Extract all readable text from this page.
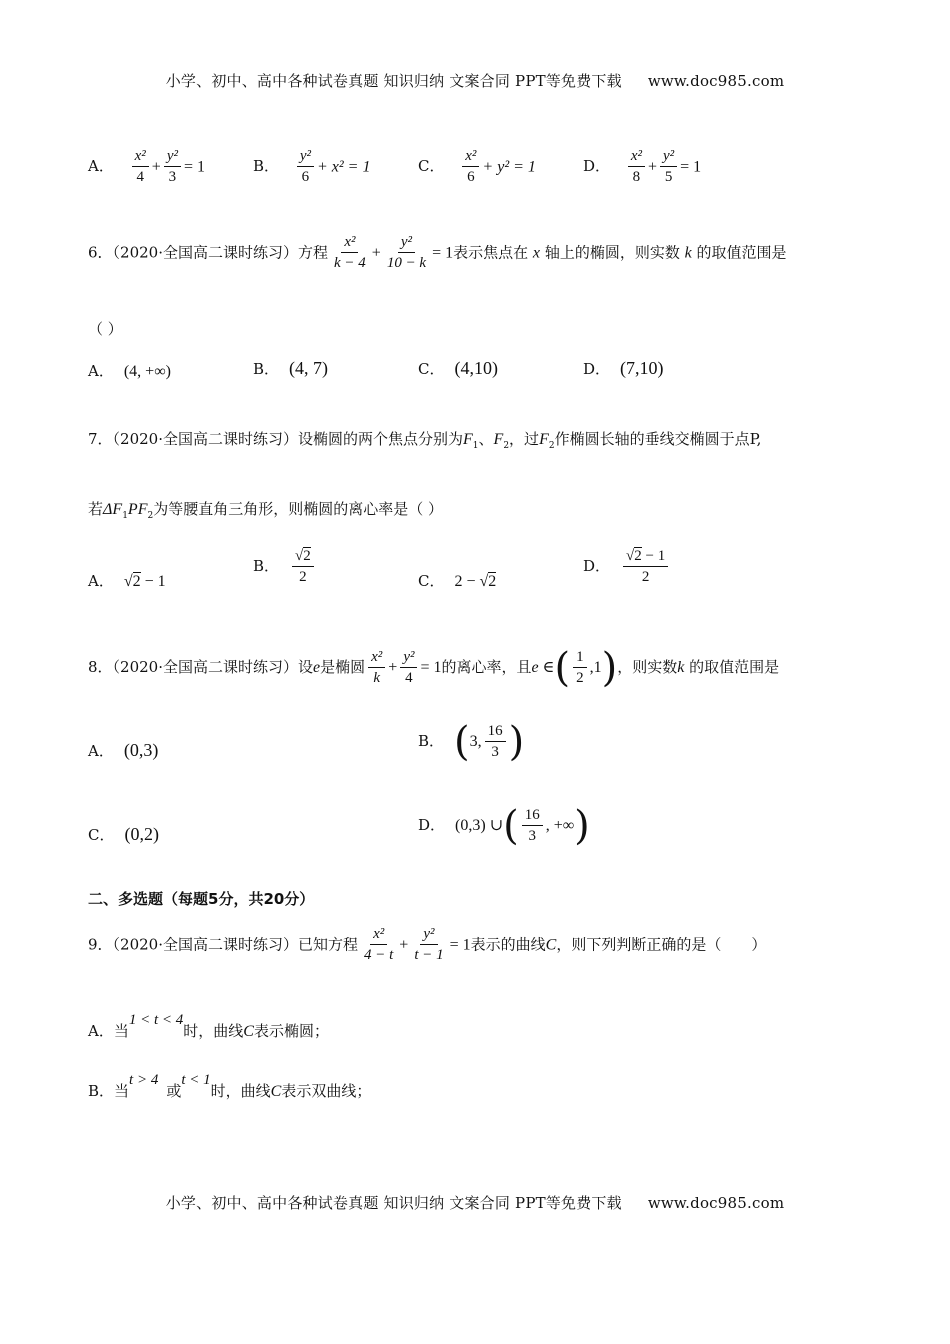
小学、初中、高中各种试卷真题 知识归纳 文案合同 PPT等免费下载 www.doc985.com
A． $\frac{\text{x²}}{4} + \frac{\text{y²}}{3} = 1$	B． $\frac{\text{y²}}{6} + x^2 = 1$	C． $\frac{\text{x²}}{6} + y^2 = 1$	D． $\frac{\text{x²}}{8} + \frac{\text{y²}}{5} = 1$
6．（2020·全国高二课时练习）方程 $\frac{\text{x²}}{k - 4} + \frac{\text{y²}}{10 - k} = 1$表示焦点在 x 轴上的椭圆，则实数 k 的取值范围是
（ ）
A． (4, +∞)	B． (4, 7)	C． (4,10)	D． (7,10)
7．（2020·全国高二课时练习）设椭圆的两个焦点分别为$F_1$、$F_2$，过$F_2$作椭圆长轴的垂线交椭圆于点P,
若$\Delta F_1PF_2$为等腰直角三角形，则椭圆的离心率是（ ）
A． √2 − 1
B． $\frac{√2}{2}$	C． 2 − √2
D． $\frac{√2 - 1}{2}$
8．（2020·全国高二课时练习）设e是椭圆 $\frac{\text{x²}}{k} + \frac{\text{y²}}{4} = 1$的离心率，且e ∈( $\frac{1}{2} ,1$)，则实数k 的取值范围是
A． (0,3)	B． (3, $\frac{16}{3}$ )
C． (0,2)	D． (0,3) ∪( $\frac{16}{3}$ , +∞)
二、多选题（每题5分，共20分）
9．（2020·全国高二课时练习）已知方程 $\frac{\text{x²}}{4 - t} + \frac{\text{y²}}{t - 1} = 1$表示的曲线C，则下列判断正确的是（　　）
A．当$^{1 < t < 4}$时，曲线C表示椭圆；
B．当$^{t > 4}$或$^{t < 1}$时，曲线C表示双曲线；
小学、初中、高中各种试卷真题 知识归纳 文案合同 PPT等免费下载 www.doc985.com
